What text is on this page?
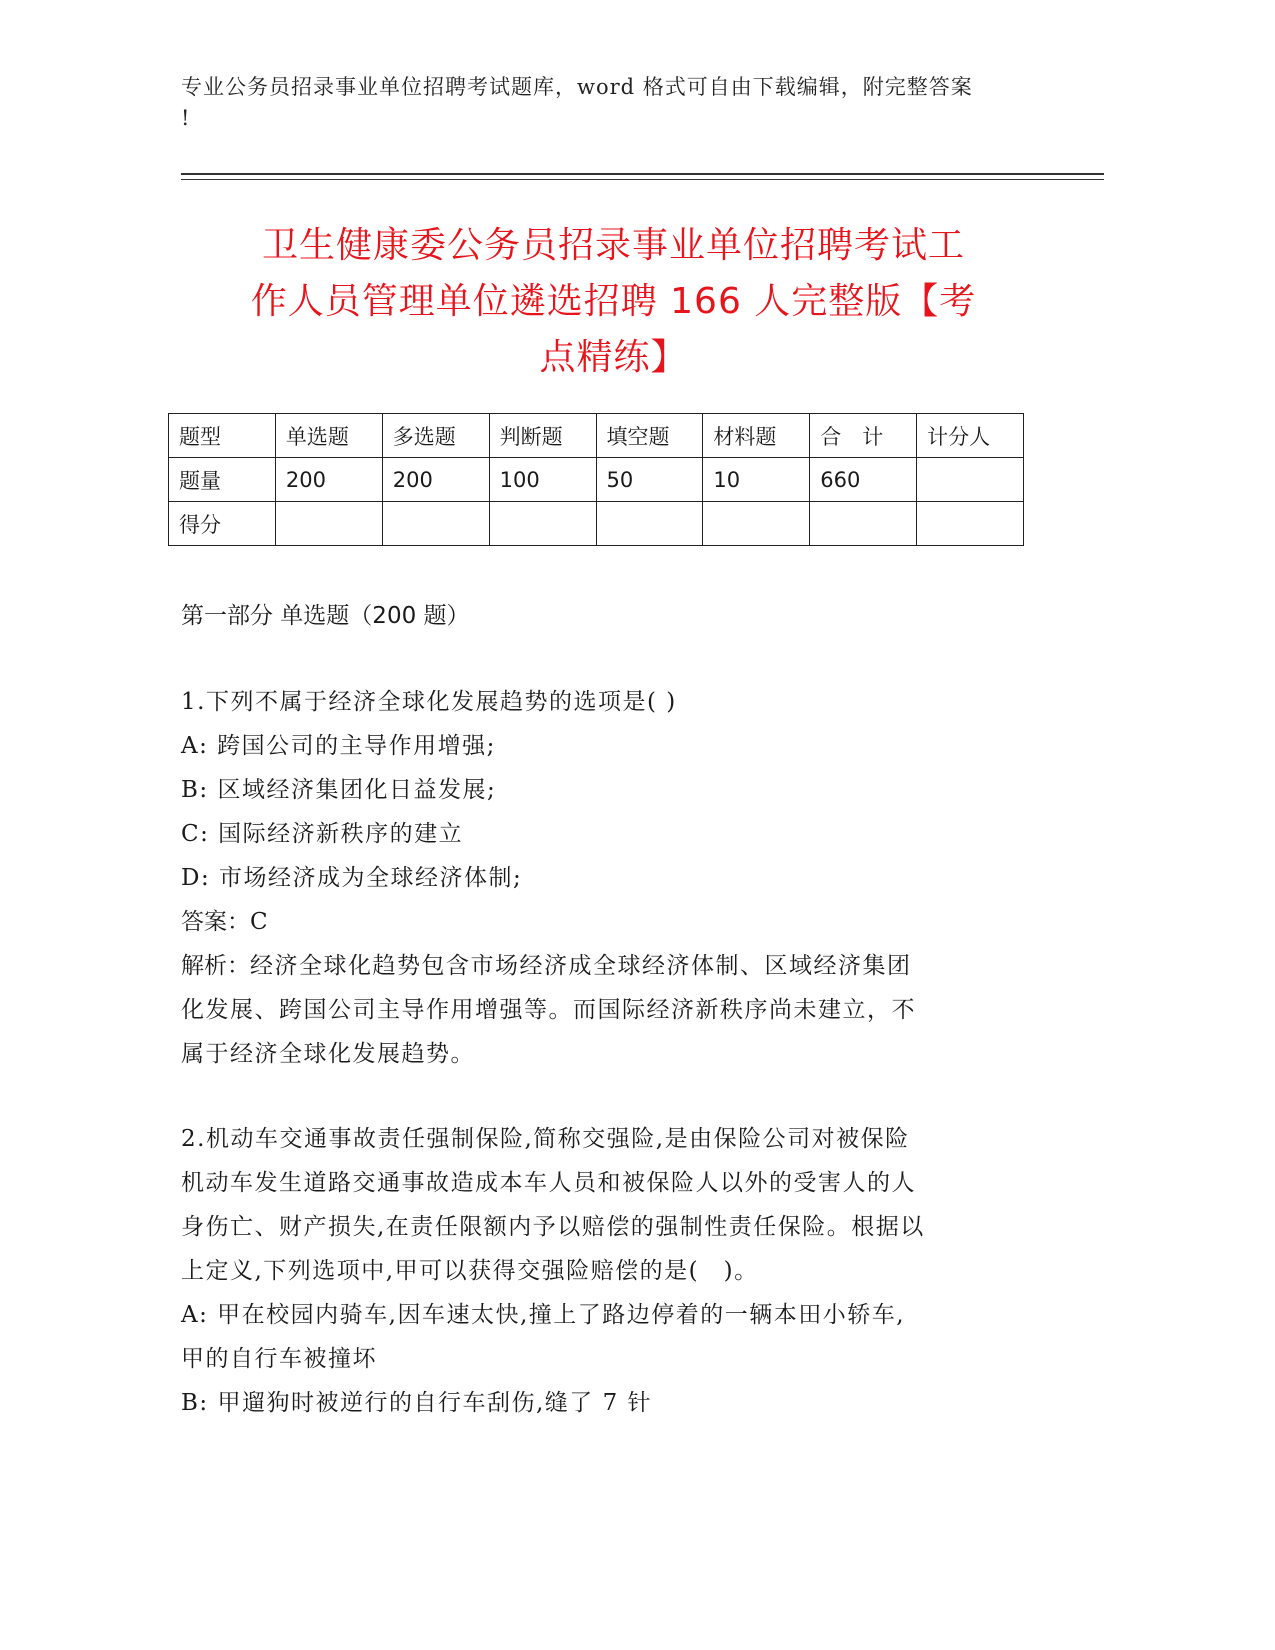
专业公务员招录事业单位招聘考试题库，word 格式可自由下载编辑，附完整答案
!
卫生健康委公务员招录事业单位招聘考试工
作人员管理单位遴选招聘 166 人完整版【考
点精练】
题型	单选题	多选题	判断题	填空题	材料题	合　计	计分人
题量	200	200	100	50	10	660	
得分							
第一部分 单选题（200 题）

1.下列不属于经济全球化发展趋势的选项是( )

A: 跨国公司的主导作用增强;

B: 区域经济集团化日益发展;

C: 国际经济新秩序的建立

D: 市场经济成为全球经济体制;

答案：C

解析：经济全球化趋势包含市场经济成全球经济体制、区域经济集团

化发展、跨国公司主导作用增强等。而国际经济新秩序尚未建立，不

属于经济全球化发展趋势。

2.机动车交通事故责任强制保险,简称交强险,是由保险公司对被保险

机动车发生道路交通事故造成本车人员和被保险人以外的受害人的人

身伤亡、财产损失,在责任限额内予以赔偿的强制性责任保险。根据以

上定义,下列选项中,甲可以获得交强险赔偿的是(　)。

A: 甲在校园内骑车,因车速太快,撞上了路边停着的一辆本田小轿车,

甲的自行车被撞坏

B: 甲遛狗时被逆行的自行车刮伤,缝了 7 针
